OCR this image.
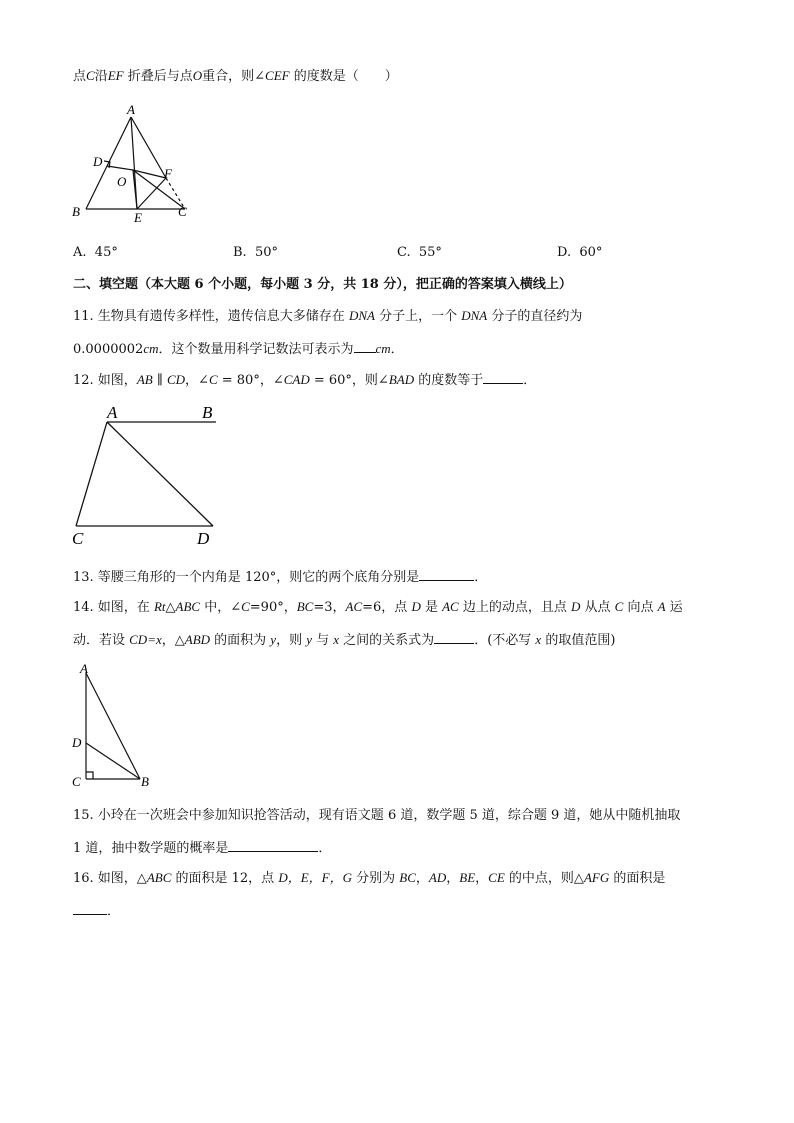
点C沿EF 折叠后与点O重合，则∠CEF 的度数是（　　）
A
D
O
F
B	E	C
A. 45°	B. 50°	C. 55°	D. 60°
二、填空题（本大题 6 个小题，每小题 3 分，共 18 分），把正确的答案填入横线上）
11. 生物具有遗传多样性，遗传信息大多储存在 DNA 分子上，一个 DNA 分子的直径约为
0.0000002cm．这个数量用科学记数法可表示为 cm．
12. 如图，AB ∥ CD，∠C = 80°，∠CAD = 60°，则∠BAD 的度数等于	．
A	B
C	D
13. 等腰三角形的一个内角是 120°，则它的两个底角分别是	．
14. 如图，在 Rt△ABC 中，∠C=90°，BC=3，AC=6，点 D 是 AC 边上的动点，且点 D 从点 C 向点 A 运
动．若设 CD=x，△ABD 的面积为 y，则 y 与 x 之间的关系式为	．(不必写 x 的取值范围)
A
D
C	B
15. 小玲在一次班会中参加知识抢答活动，现有语文题 6 道，数学题 5 道，综合题 9 道，她从中随机抽取
1 道，抽中数学题的概率是	．
16. 如图，△ABC 的面积是 12，点 D，E，F，G 分别为 BC，AD，BE，CE 的中点，则△AFG 的面积是
．
